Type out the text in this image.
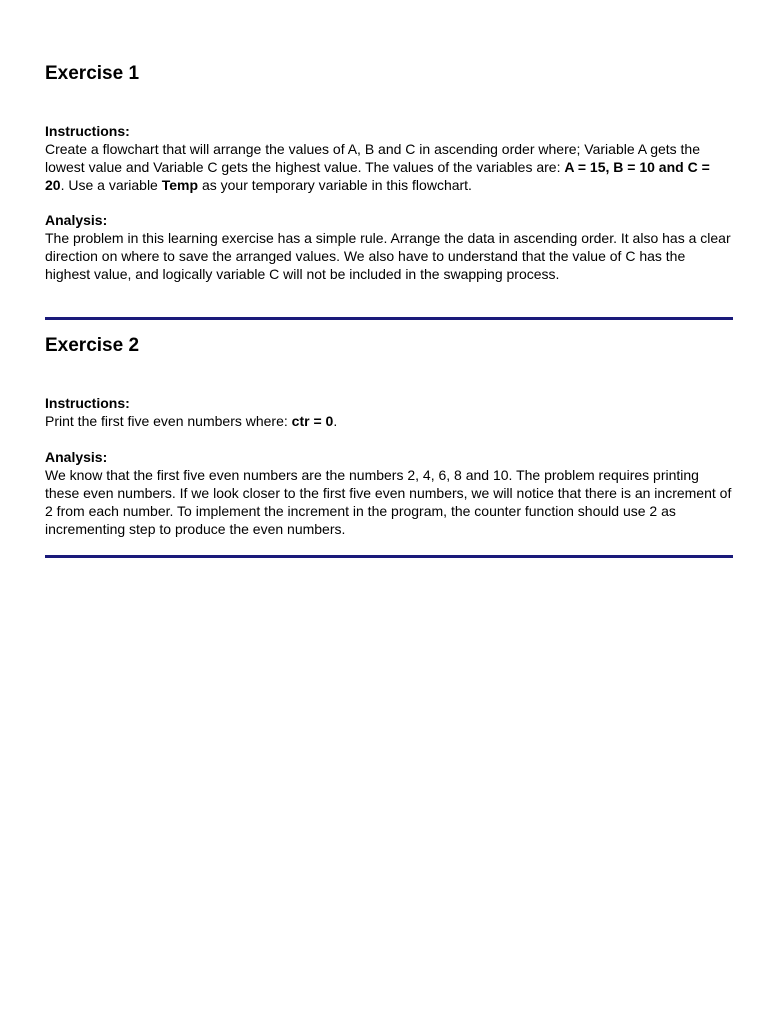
Exercise 1

Instructions:

Create a flowchart that will arrange the values of A, B and C in ascending order where; Variable A gets the lowest value and Variable C gets the highest value. The values of the variables are: A = 15, B = 10 and C = 20. Use a variable Temp as your temporary variable in this flowchart.

Analysis:

The problem in this learning exercise has a simple rule. Arrange the data in ascending order. It also has a clear direction on where to save the arranged values. We also have to understand that the value of C has the highest value, and logically variable C will not be included in the swapping process.

Exercise 2

Instructions:

Print the first five even numbers where: ctr = 0.

Analysis:

We know that the first five even numbers are the numbers 2, 4, 6, 8 and 10. The problem requires printing these even numbers. If we look closer to the first five even numbers, we will notice that there is an increment of 2 from each number. To implement the increment in the program, the counter function should use 2 as incrementing step to produce the even numbers.
